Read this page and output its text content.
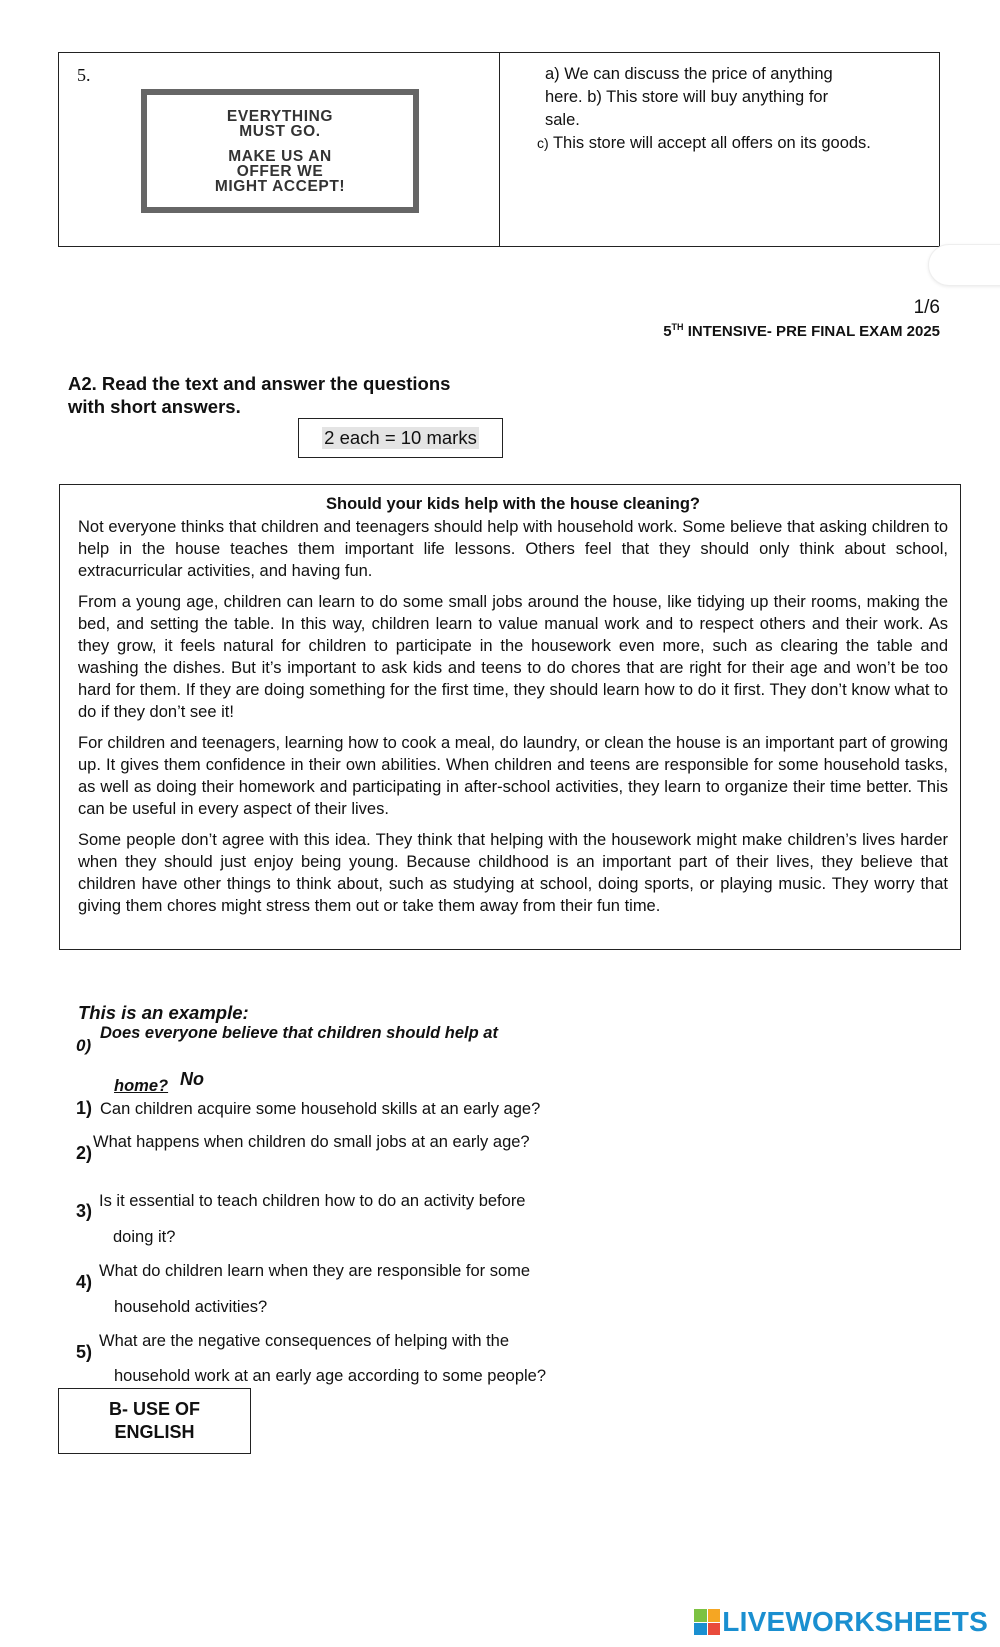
5.
EVERYTHING
MUST GO.
MAKE US AN
OFFER WE
MIGHT ACCEPT!
a) We can discuss the price of anything
here. b) This store will buy anything for
sale.
c) This store will accept all offers on its goods.
1/6
5TH INTENSIVE- PRE FINAL EXAM 2025
A2. Read the text and answer the questions
with short answers.
2 each = 10 marks
Should your kids help with the house cleaning?

Not everyone thinks that children and teenagers should help with household work. Some believe that asking children to help in the house teaches them important life lessons. Others feel that they should only think about school, extracurricular activities, and having fun.

From a young age, children can learn to do some small jobs around the house, like tidying up their rooms, making the bed, and setting the table. In this way, children learn to value manual work and to respect others and their work. As they grow, it feels natural for children to participate in the housework even more, such as clearing the table and washing the dishes. But it’s important to ask kids and teens to do chores that are right for their age and won’t be too hard for them. If they are doing something for the first time, they should learn how to do it first. They don’t know what to do if they don’t see it!

For children and teenagers, learning how to cook a meal, do laundry, or clean the house is an important part of growing up. It gives them confidence in their own abilities. When children and teens are responsible for some household tasks, as well as doing their homework and participating in after-school activities, they learn to organize their time better. This can be useful in every aspect of their lives.

Some people don’t agree with this idea. They think that helping with the housework might make children’s lives harder when they should just enjoy being young. Because childhood is an important part of their lives, they believe that children have other things to think about, such as studying at school, doing sports, or playing music. They worry that giving them chores might stress them out or take them away from their fun time.

This is an example:
0)
Does everyone believe that children should help at
home? No
1) Can children acquire some household skills at an early age?
2)
What happens when children do small jobs at an early age?
3) Is it essential to teach children how to do an activity before
doing it?
4)
What do children learn when they are responsible for some
household activities?
5)
What are the negative consequences of helping with the
household work at an early age according to some people?
B- USE OF
ENGLISH
LIVEWORKSHEETS
